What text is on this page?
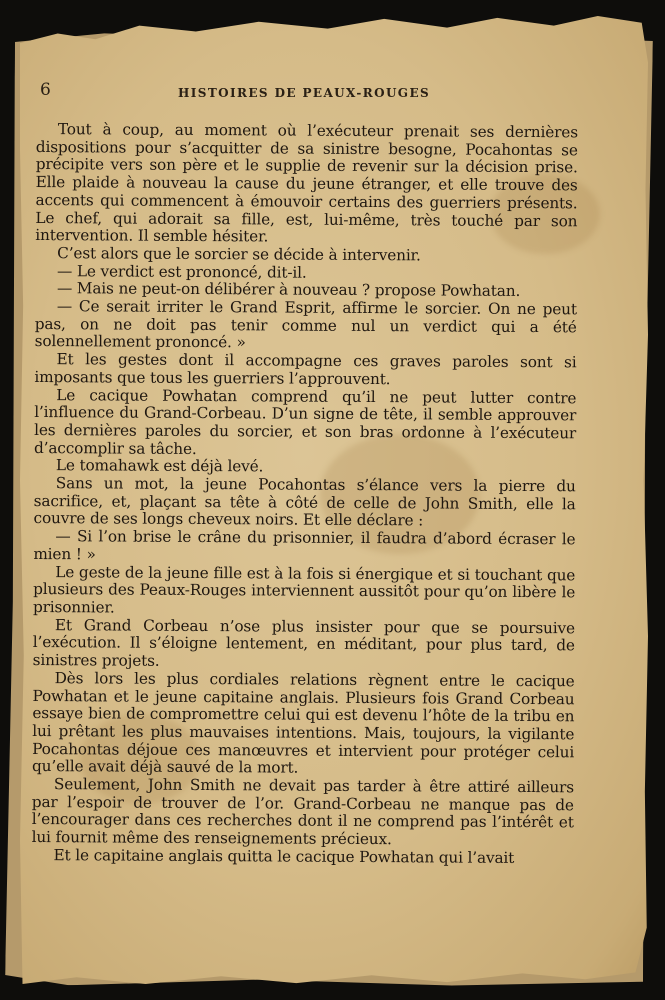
6	HISTOIRES DE PEAUX-ROUGES

Tout à coup, au moment où l’exécuteur prenait ses dernières dispositions pour s’acquitter de sa sinistre besogne, Pocahontas se précipite vers son père et le supplie de revenir sur la décision prise. Elle plaide à nouveau la cause du jeune étranger, et elle trouve des accents qui commencent à émouvoir certains des guerriers présents. Le chef, qui adorait sa fille, est, lui-même, très touché par son intervention. Il semble hésiter.

C’est alors que le sorcier se décide à intervenir.

— Le verdict est prononcé, dit-il.

— Mais ne peut-on délibérer à nouveau ? propose Powhatan.

— Ce serait irriter le Grand Esprit, affirme le sorcier. On ne peut pas, on ne doit pas tenir comme nul un verdict qui a été solennellement prononcé. »

Et les gestes dont il accompagne ces graves paroles sont si imposants que tous les guerriers l’approuvent.

Le cacique Powhatan comprend qu’il ne peut lutter contre l’influence du Grand-Corbeau. D’un signe de tête, il semble approuver les dernières paroles du sorcier, et son bras ordonne à l’exécuteur d’accomplir sa tâche.

Le tomahawk est déjà levé.

Sans un mot, la jeune Pocahontas s’élance vers la pierre du sacrifice, et, plaçant sa tête à côté de celle de John Smith, elle la couvre de ses longs cheveux noirs. Et elle déclare :

— Si l’on brise le crâne du prisonnier, il faudra d’abord écraser le mien ! »

Le geste de la jeune fille est à la fois si énergique et si touchant que plusieurs des Peaux-Rouges interviennent aussitôt pour qu’on libère le prisonnier.

Et Grand Corbeau n’ose plus insister pour que se poursuive l’exécution. Il s’éloigne lentement, en méditant, pour plus tard, de sinistres projets.

Dès lors les plus cordiales relations règnent entre le cacique Powhatan et le jeune capitaine anglais. Plusieurs fois Grand Corbeau essaye bien de compromettre celui qui est devenu l’hôte de la tribu en lui prêtant les plus mauvaises intentions. Mais, toujours, la vigilante Pocahontas déjoue ces manœuvres et intervient pour protéger celui qu’elle avait déjà sauvé de la mort.

Seulement, John Smith ne devait pas tarder à être attiré ailleurs par l’espoir de trouver de l’or. Grand-Corbeau ne manque pas de l’encourager dans ces recherches dont il ne comprend pas l’intérêt et lui fournit même des renseignements précieux.

Et le capitaine anglais quitta le cacique Powhatan qui l’avait
